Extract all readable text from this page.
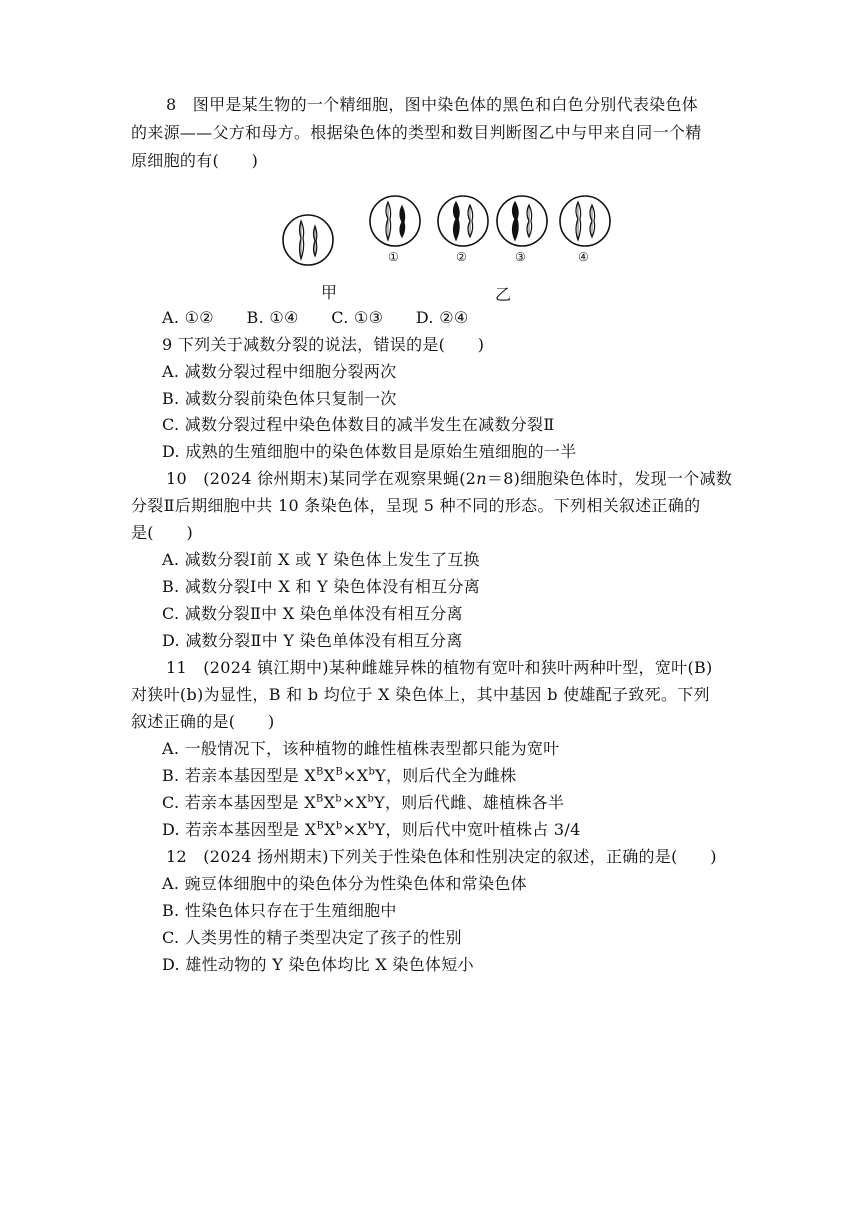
8　图甲是某生物的一个精细胞，图中染色体的黑色和白色分别代表染色体
的来源——父方和母方。根据染色体的类型和数目判断图乙中与甲来自同一个精
原细胞的有(　　)
①	②	③	④
甲	乙
A. ①②　　B. ①④　　C. ①③　　D. ②④
9 下列关于减数分裂的说法，错误的是(　　)
A. 减数分裂过程中细胞分裂两次
B. 减数分裂前染色体只复制一次
C. 减数分裂过程中染色体数目的减半发生在减数分裂Ⅱ
D. 成熟的生殖细胞中的染色体数目是原始生殖细胞的一半
10　(2024 徐州期末)某同学在观察果蝇(2n＝8)细胞染色体时，发现一个减数
分裂Ⅱ后期细胞中共 10 条染色体，呈现 5 种不同的形态。下列相关叙述正确的
是(　　)
A. 减数分裂Ⅰ前 X 或 Y 染色体上发生了互换
B. 减数分裂Ⅰ中 X 和 Y 染色体没有相互分离
C. 减数分裂Ⅱ中 X 染色单体没有相互分离
D. 减数分裂Ⅱ中 Y 染色单体没有相互分离
11　(2024 镇江期中)某种雌雄异株的植物有宽叶和狭叶两种叶型，宽叶(B)
对狭叶(b)为显性，B 和 b 均位于 X 染色体上，其中基因 b 使雄配子致死。下列
叙述正确的是(　　)
A. 一般情况下，该种植物的雌性植株表型都只能为宽叶
B. 若亲本基因型是 $X^BX^B\times X^bY$，则后代全为雌株
C. 若亲本基因型是 $X^BX^b\times X^bY$，则后代雌、雄植株各半
D. 若亲本基因型是 $X^BX^b\times X^bY$，则后代中宽叶植株占 3/4
12　(2024 扬州期末)下列关于性染色体和性别决定的叙述，正确的是(　　)
A. 豌豆体细胞中的染色体分为性染色体和常染色体
B. 性染色体只存在于生殖细胞中
C. 人类男性的精子类型决定了孩子的性别
D. 雄性动物的 Y 染色体均比 X 染色体短小
